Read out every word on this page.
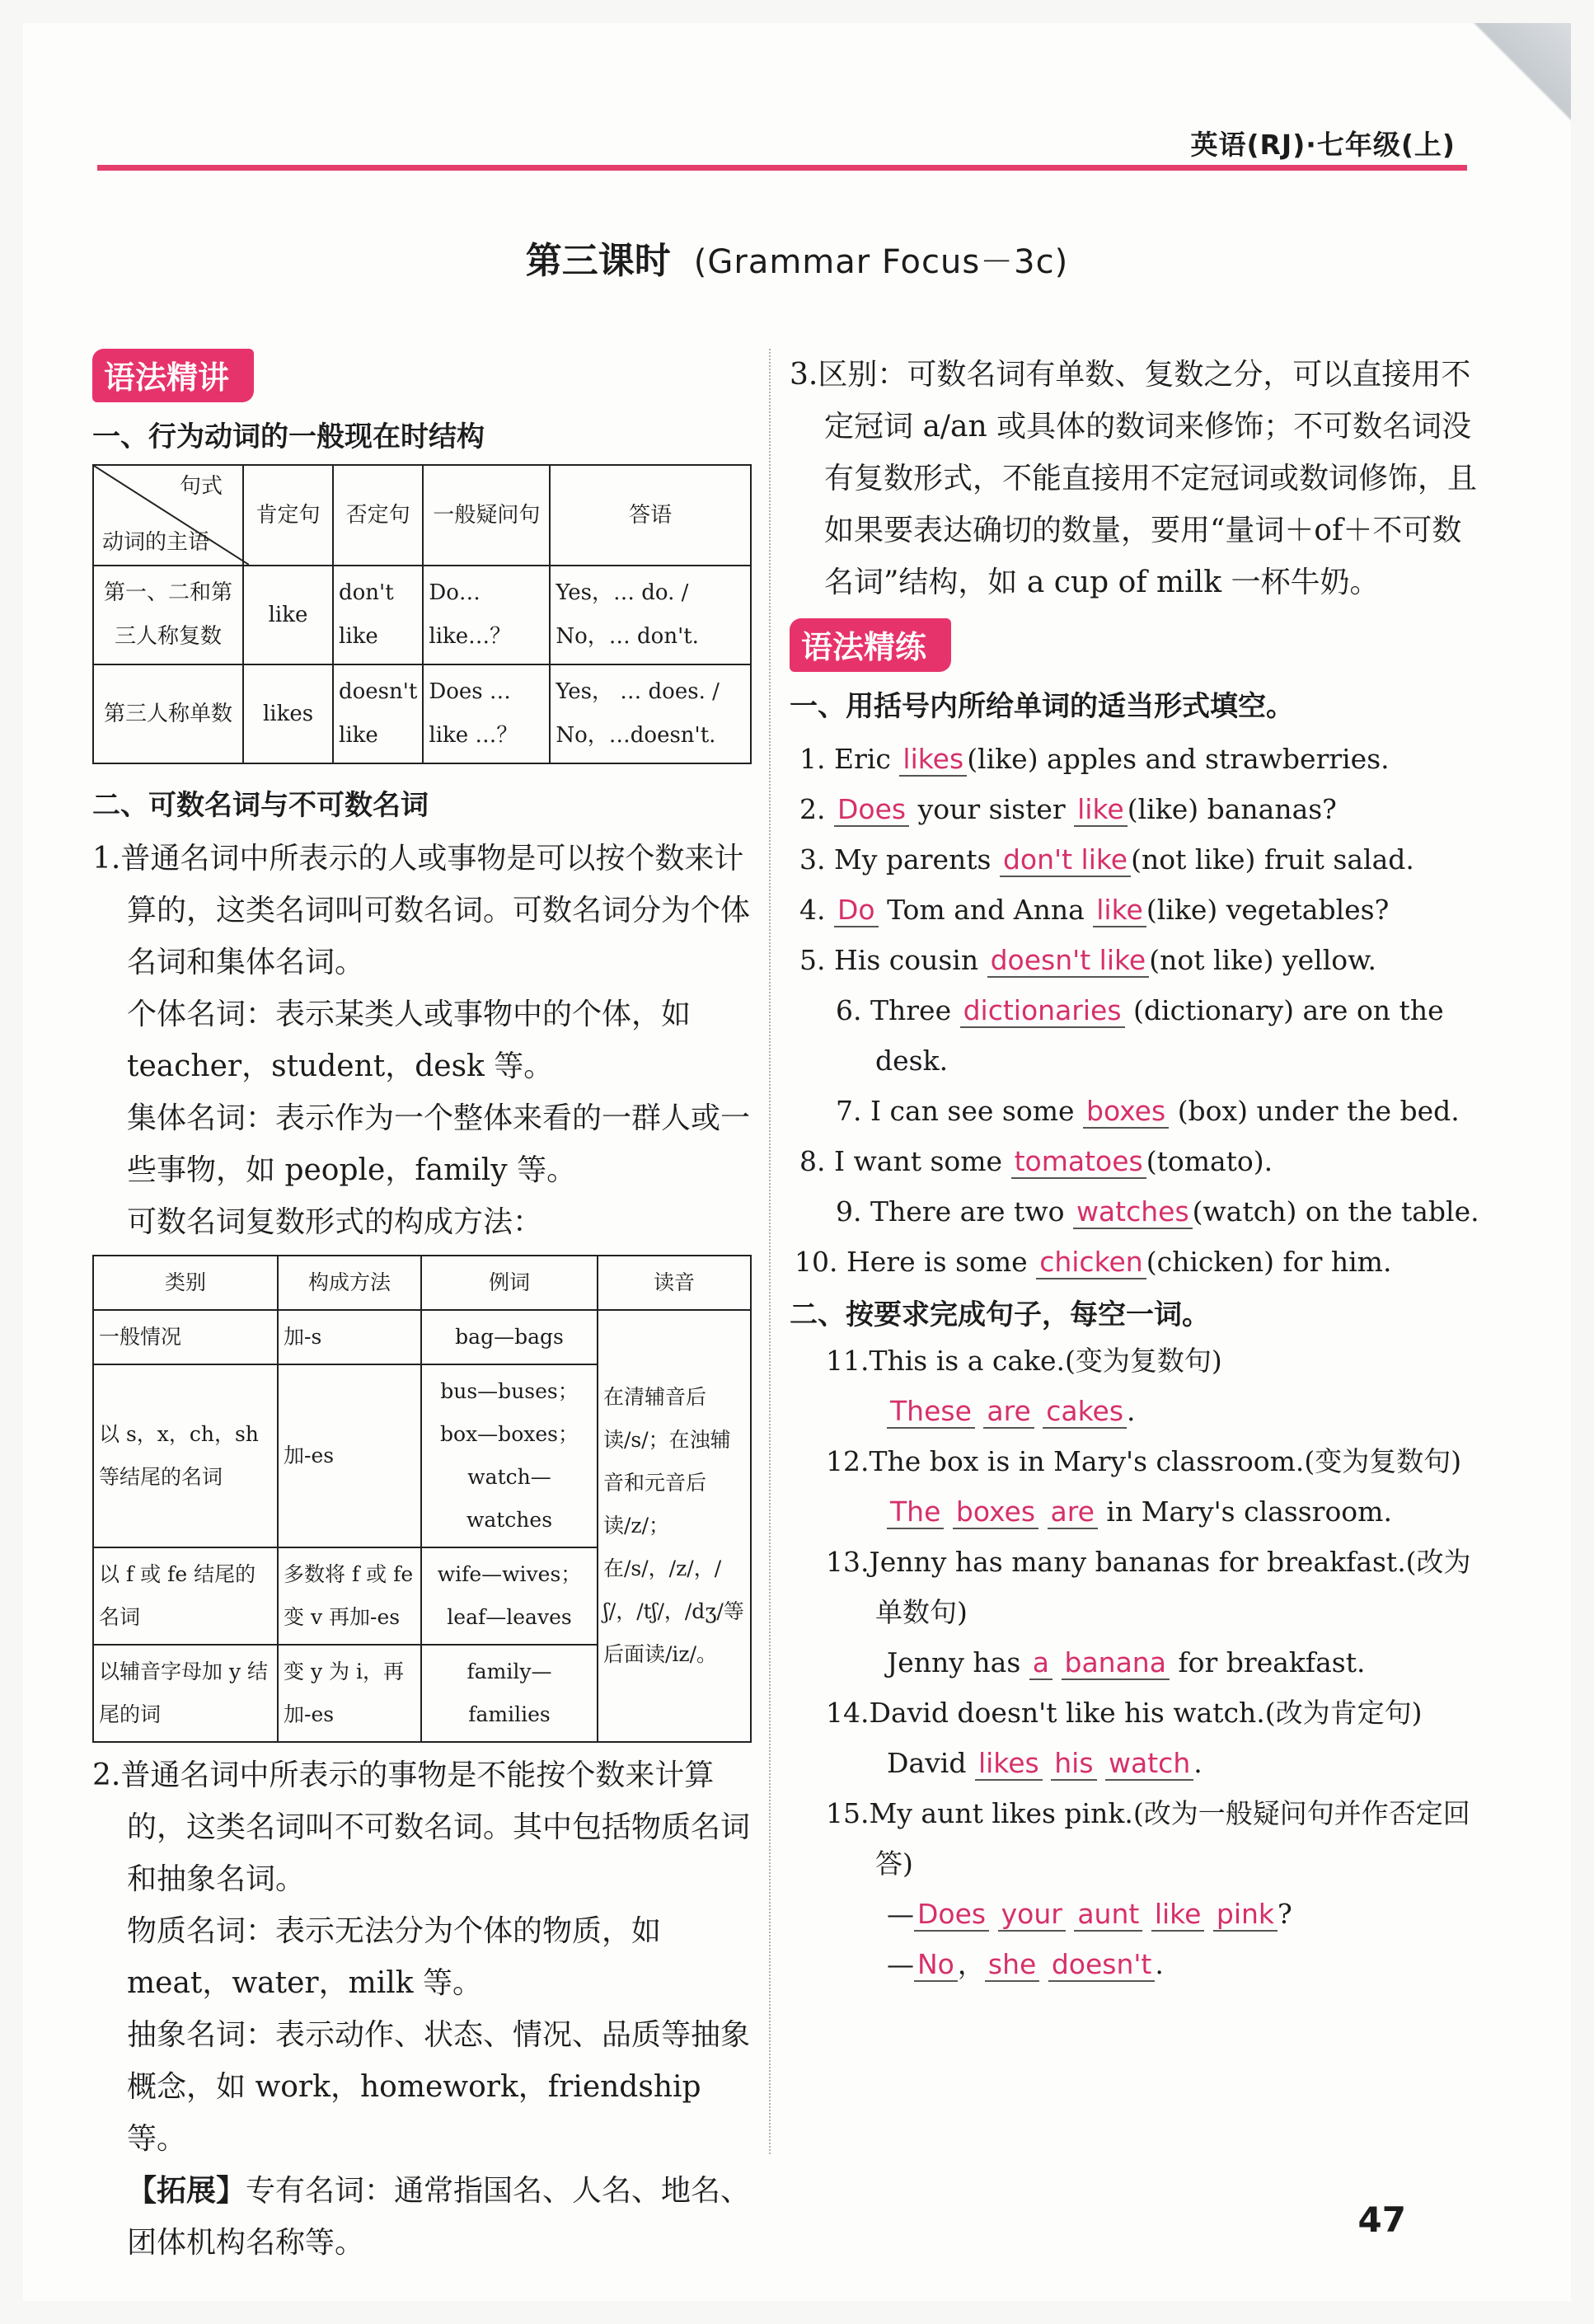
英语(RJ)·七年级(上)
第三课时 (Grammar Focus－3c)
语法精讲
一、行为动词的一般现在时结构
句式
动词的主语	肯定句	否定句	一般疑问句	答语
第一、二和第三人称复数	like	don't like	Do… like…？	Yes，… do. / No，… don't.
第三人称单数	likes	doesn't like	Does … like …？	Yes， … does. / No，…doesn't.
二、可数名词与不可数名词
1.普通名词中所表示的人或事物是可以按个数来计算的，这类名词叫可数名词。可数名词分为个体名词和集体名词。
个体名词：表示某类人或事物中的个体，如teacher，student，desk 等。
集体名词：表示作为一个整体来看的一群人或一些事物，如 people，family 等。
可数名词复数形式的构成方法：
类别	构成方法	例词	读音
一般情况	加-s	bag—bags	在清辅音后读/s/；在浊辅音和元音后读/z/；在/s/，/z/，/ʃ/，/tʃ/，/dʒ/等后面读/iz/。
以 s，x，ch，sh 等结尾的名词	加-es	bus—buses；box—boxes；watch—watches	
以 f 或 fe 结尾的名词	多数将 f 或 fe 变 v 再加-es	wife—wives；leaf—leaves	
以辅音字母加 y 结尾的词	变 y 为 i，再加-es	family—families	
2.普通名词中所表示的事物是不能按个数来计算的，这类名词叫不可数名词。其中包括物质名词和抽象名词。
物质名词：表示无法分为个体的物质，如meat，water，milk 等。
抽象名词：表示动作、状态、情况、品质等抽象概念，如 work，homework，friendship 等。
【拓展】专有名词：通常指国名、人名、地名、团体机构名称等。
3.区别：可数名词有单数、复数之分，可以直接用不定冠词 a/an 或具体的数词来修饰；不可数名词没有复数形式，不能直接用不定冠词或数词修饰，且如果要表达确切的数量，要用“量词＋of＋不可数名词”结构，如 a cup of milk 一杯牛奶。
语法精练
一、用括号内所给单词的适当形式填空。
1. Eric likes (like) apples and strawberries.
2. Does your sister like (like) bananas?
3. My parents don't like (not like) fruit salad.
4. Do Tom and Anna like (like) vegetables?
5. His cousin doesn't like (not like) yellow.
6. Three dictionaries (dictionary) are on the desk.
7. I can see some boxes (box) under the bed.
8. I want some tomatoes (tomato).
9. There are two watches (watch) on the table.
10. Here is some chicken (chicken) for him.
二、按要求完成句子，每空一词。
11.This is a cake.(变为复数句)
These are cakes .
12.The box is in Mary's classroom.(变为复数句)
The boxes are in Mary's classroom.
13.Jenny has many bananas for breakfast.(改为单数句)
Jenny has a banana for breakfast.
14.David doesn't like his watch.(改为肯定句)
David likes his watch .
15.My aunt likes pink.(改为一般疑问句并作否定回答)
— Does your aunt like pink ?
— No ， she doesn't .
47
